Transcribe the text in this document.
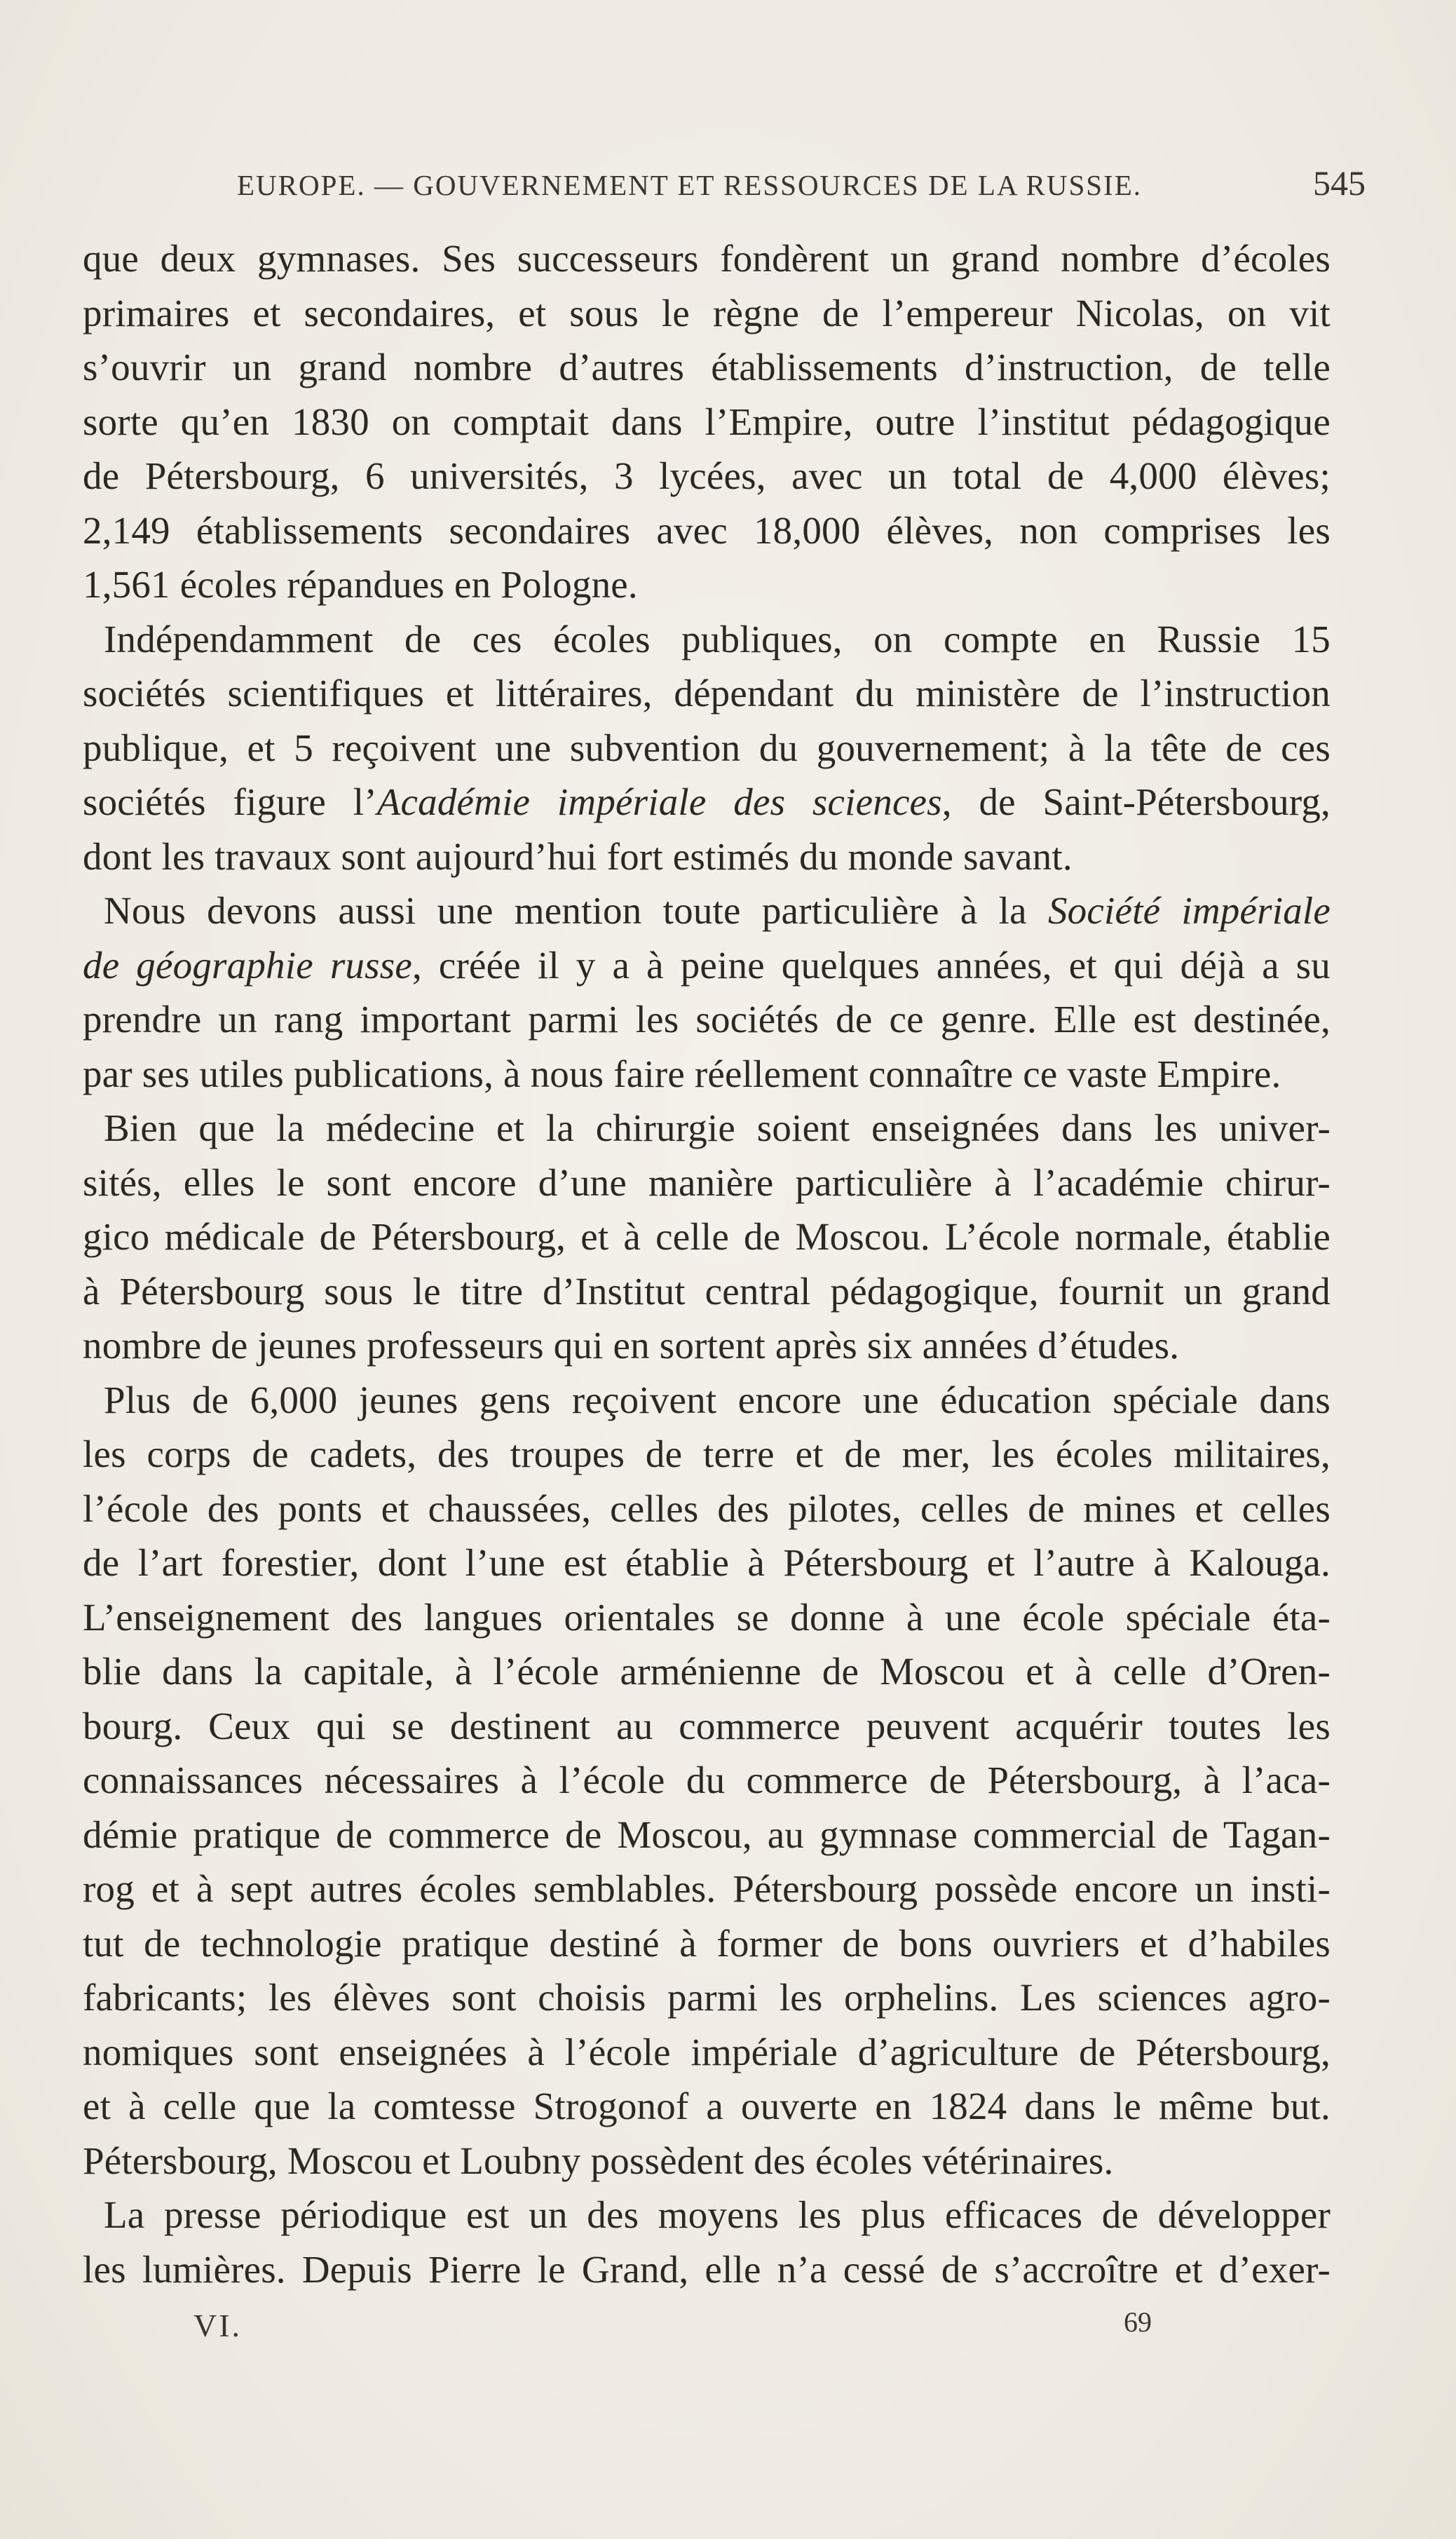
EUROPE. — GOUVERNEMENT ET RESSOURCES DE LA RUSSIE.	545
que deux gymnases. Ses successeurs fondèrent un grand nombre d’écoles
primaires et secondaires, et sous le règne de l’empereur Nicolas, on vit
s’ouvrir un grand nombre d’autres établissements d’instruction, de telle
sorte qu’en 1830 on comptait dans l’Empire, outre l’institut pédagogique
de Pétersbourg, 6 universités, 3 lycées, avec un total de 4,000 élèves;
2,149 établissements secondaires avec 18,000 élèves, non comprises les
1,561 écoles répandues en Pologne.
Indépendamment de ces écoles publiques, on compte en Russie 15
sociétés scientifiques et littéraires, dépendant du ministère de l’instruction
publique, et 5 reçoivent une subvention du gouvernement; à la tête de ces
sociétés figure l’Académie impériale des sciences, de Saint-Pétersbourg,
dont les travaux sont aujourd’hui fort estimés du monde savant.
Nous devons aussi une mention toute particulière à la Société impériale
de géographie russe, créée il y a à peine quelques années, et qui déjà a su
prendre un rang important parmi les sociétés de ce genre. Elle est destinée,
par ses utiles publications, à nous faire réellement connaître ce vaste Empire.
Bien que la médecine et la chirurgie soient enseignées dans les univer-
sités, elles le sont encore d’une manière particulière à l’académie chirur-
gico médicale de Pétersbourg, et à celle de Moscou. L’école normale, établie
à Pétersbourg sous le titre d’Institut central pédagogique, fournit un grand
nombre de jeunes professeurs qui en sortent après six années d’études.
Plus de 6,000 jeunes gens reçoivent encore une éducation spéciale dans
les corps de cadets, des troupes de terre et de mer, les écoles militaires,
l’école des ponts et chaussées, celles des pilotes, celles de mines et celles
de l’art forestier, dont l’une est établie à Pétersbourg et l’autre à Kalouga.
L’enseignement des langues orientales se donne à une école spéciale éta-
blie dans la capitale, à l’école arménienne de Moscou et à celle d’Oren-
bourg. Ceux qui se destinent au commerce peuvent acquérir toutes les
connaissances nécessaires à l’école du commerce de Pétersbourg, à l’aca-
démie pratique de commerce de Moscou, au gymnase commercial de Tagan-
rog et à sept autres écoles semblables. Pétersbourg possède encore un insti-
tut de technologie pratique destiné à former de bons ouvriers et d’habiles
fabricants; les élèves sont choisis parmi les orphelins. Les sciences agro-
nomiques sont enseignées à l’école impériale d’agriculture de Pétersbourg,
et à celle que la comtesse Strogonof a ouverte en 1824 dans le même but.
Pétersbourg, Moscou et Loubny possèdent des écoles vétérinaires.
La presse périodique est un des moyens les plus efficaces de développer
les lumières. Depuis Pierre le Grand, elle n’a cessé de s’accroître et d’exer-
VI.	69
